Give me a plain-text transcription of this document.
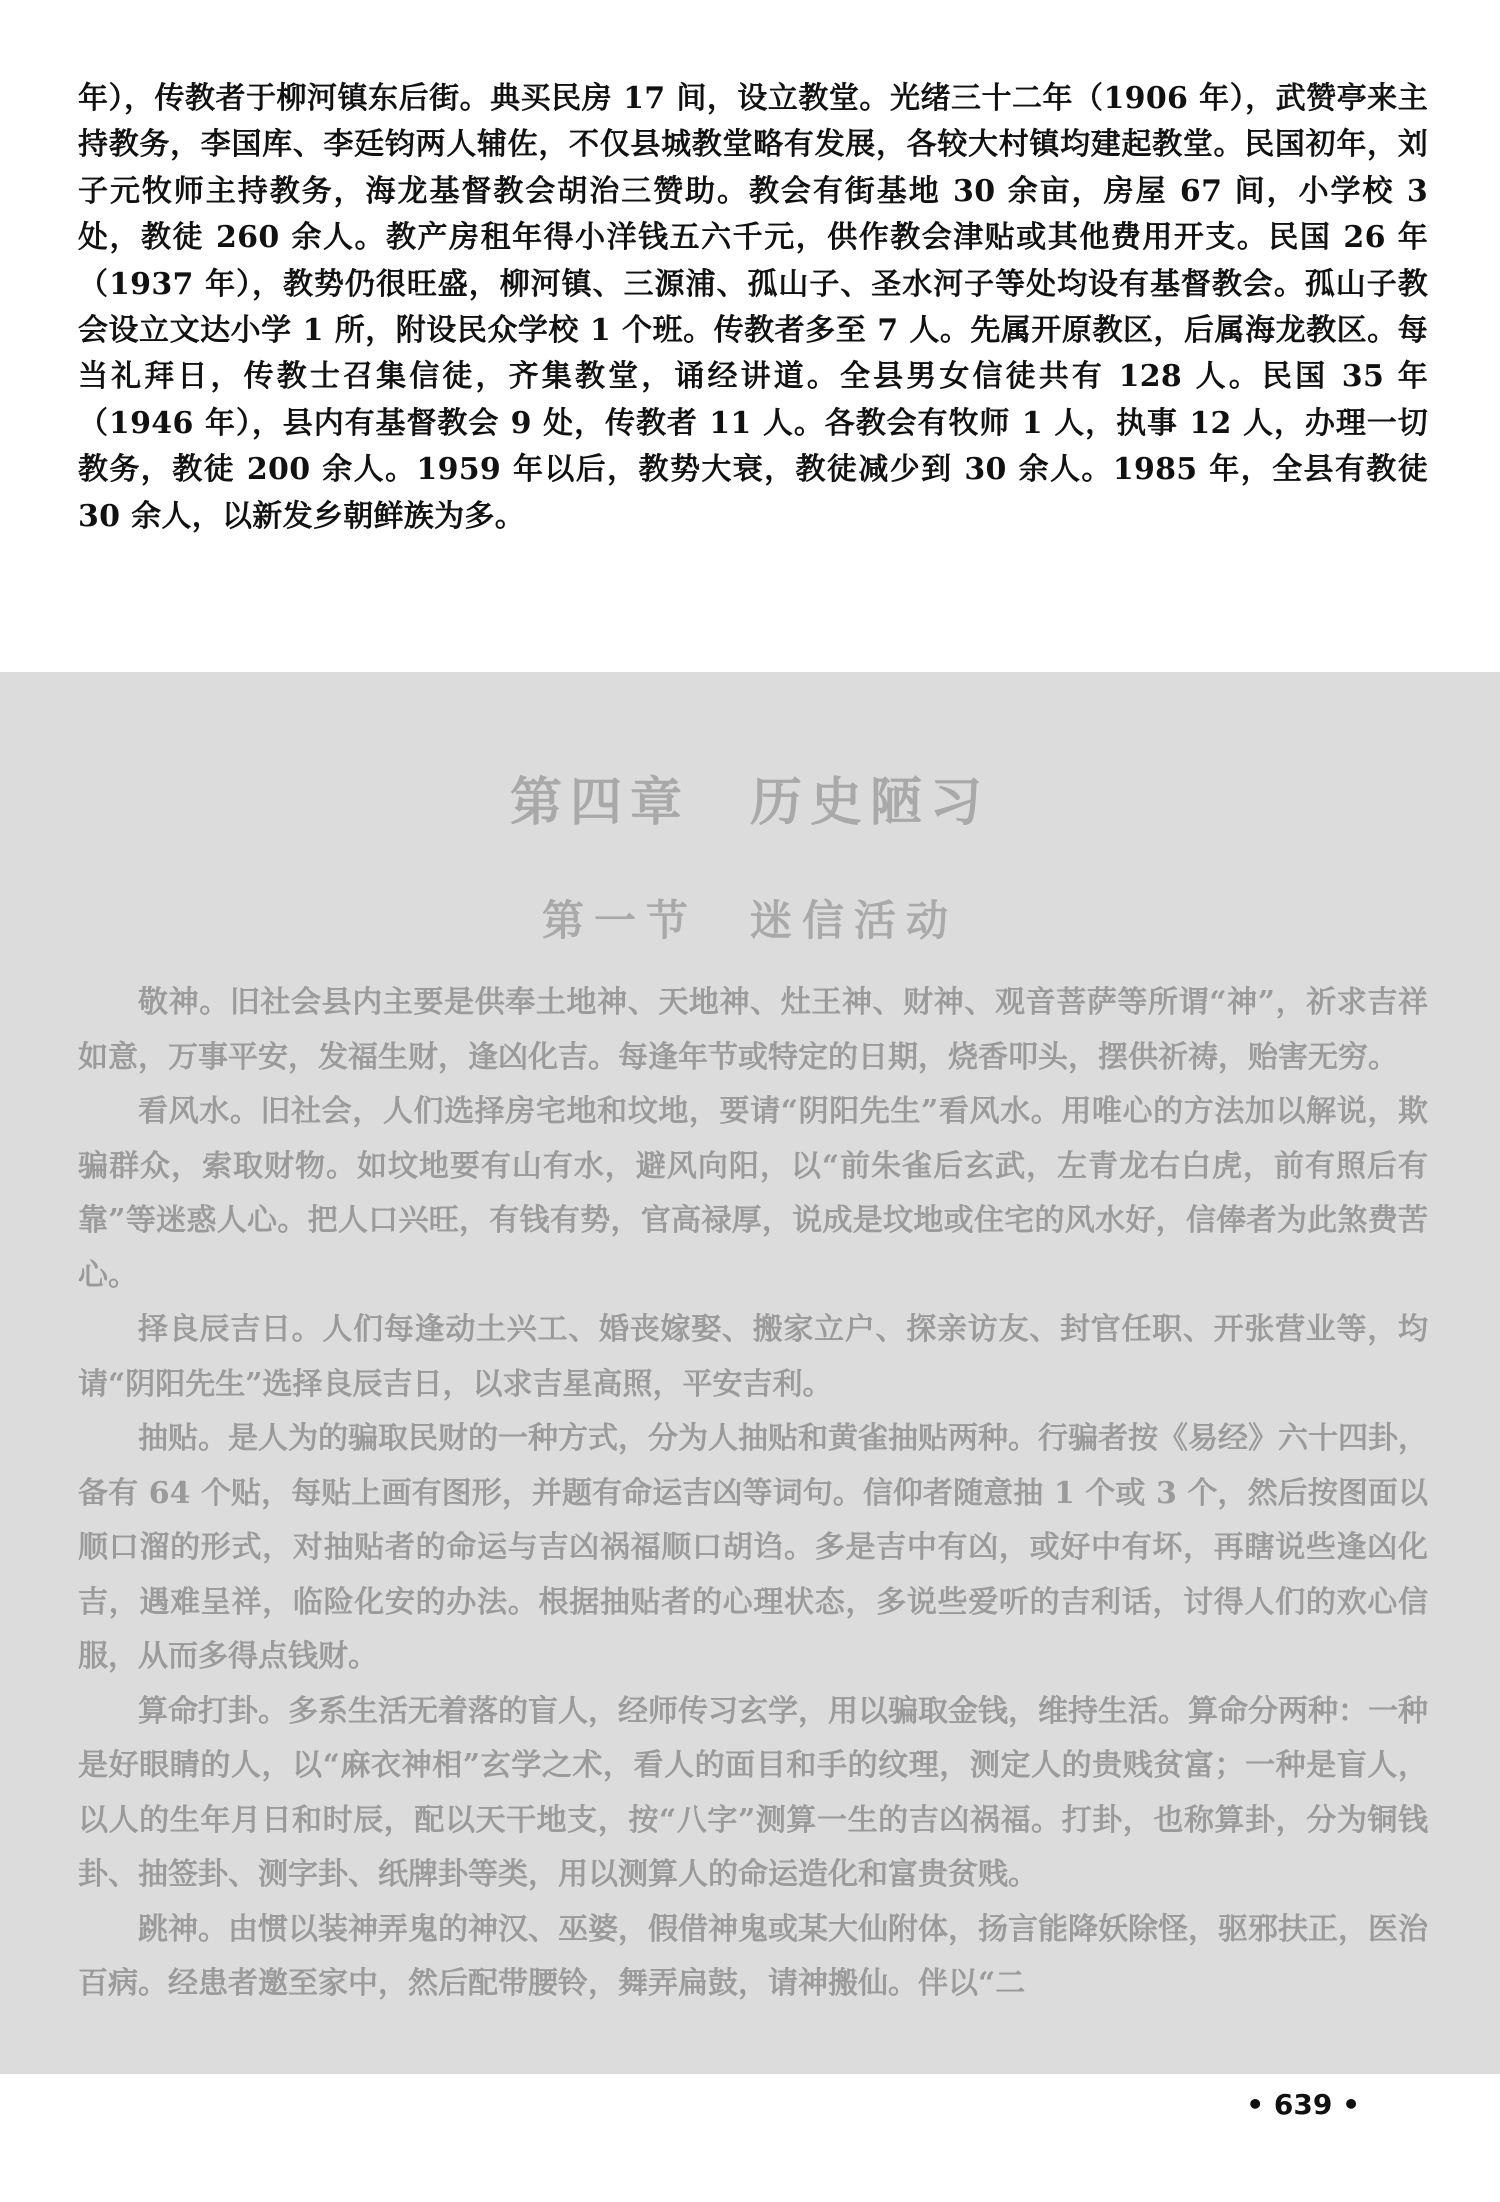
年），传教者于柳河镇东后街。典买民房 17 间，设立教堂。光绪三十二年（1906 年），武赞亭来主持教务，李国库、李廷钧两人辅佐，不仅县城教堂略有发展，各较大村镇均建起教堂。民国初年，刘子元牧师主持教务，海龙基督教会胡治三赞助。教会有街基地 30 余亩，房屋 67 间，小学校 3 处，教徒 260 余人。教产房租年得小洋钱五六千元，供作教会津贴或其他费用开支。民国 26 年（1937 年），教势仍很旺盛，柳河镇、三源浦、孤山子、圣水河子等处均设有基督教会。孤山子教会设立文达小学 1 所，附设民众学校 1 个班。传教者多至 7 人。先属开原教区，后属海龙教区。每当礼拜日，传教士召集信徒，齐集教堂，诵经讲道。全县男女信徒共有 128 人。民国 35 年（1946 年），县内有基督教会 9 处，传教者 11 人。各教会有牧师 1 人，执事 12 人，办理一切教务，教徒 200 余人。1959 年以后，教势大衰，教徒减少到 30 余人。1985 年，全县有教徒 30 余人，以新发乡朝鲜族为多。
第四章　历史陋习
第一节　迷信活动

敬神。旧社会县内主要是供奉土地神、天地神、灶王神、财神、观音菩萨等所谓“神”，祈求吉祥如意，万事平安，发福生财，逢凶化吉。每逢年节或特定的日期，烧香叩头，摆供祈祷，贻害无穷。

看风水。旧社会，人们选择房宅地和坟地，要请“阴阳先生”看风水。用唯心的方法加以解说，欺骗群众，索取财物。如坟地要有山有水，避风向阳，以“前朱雀后玄武，左青龙右白虎，前有照后有靠”等迷惑人心。把人口兴旺，有钱有势，官高禄厚，说成是坟地或住宅的风水好，信俸者为此煞费苦心。

择良辰吉日。人们每逢动土兴工、婚丧嫁娶、搬家立户、探亲访友、封官任职、开张营业等，均请“阴阳先生”选择良辰吉日，以求吉星高照，平安吉利。

抽贴。是人为的骗取民财的一种方式，分为人抽贴和黄雀抽贴两种。行骗者按《易经》六十四卦，备有 64 个贴，每贴上画有图形，并题有命运吉凶等词句。信仰者随意抽 1 个或 3 个，然后按图面以顺口溜的形式，对抽贴者的命运与吉凶祸福顺口胡诌。多是吉中有凶，或好中有坏，再瞎说些逢凶化吉，遇难呈祥，临险化安的办法。根据抽贴者的心理状态，多说些爱听的吉利话，讨得人们的欢心信服，从而多得点钱财。

算命打卦。多系生活无着落的盲人，经师传习玄学，用以骗取金钱，维持生活。算命分两种：一种是好眼睛的人，以“麻衣神相”玄学之术，看人的面目和手的纹理，测定人的贵贱贫富；一种是盲人，以人的生年月日和时辰，配以天干地支，按“八字”测算一生的吉凶祸福。打卦，也称算卦，分为铜钱卦、抽签卦、测字卦、纸牌卦等类，用以测算人的命运造化和富贵贫贱。

跳神。由惯以装神弄鬼的神汉、巫婆，假借神鬼或某大仙附体，扬言能降妖除怪，驱邪扶正，医治百病。经患者邀至家中，然后配带腰铃，舞弄扁鼓，请神搬仙。伴以“二

• 639 •
